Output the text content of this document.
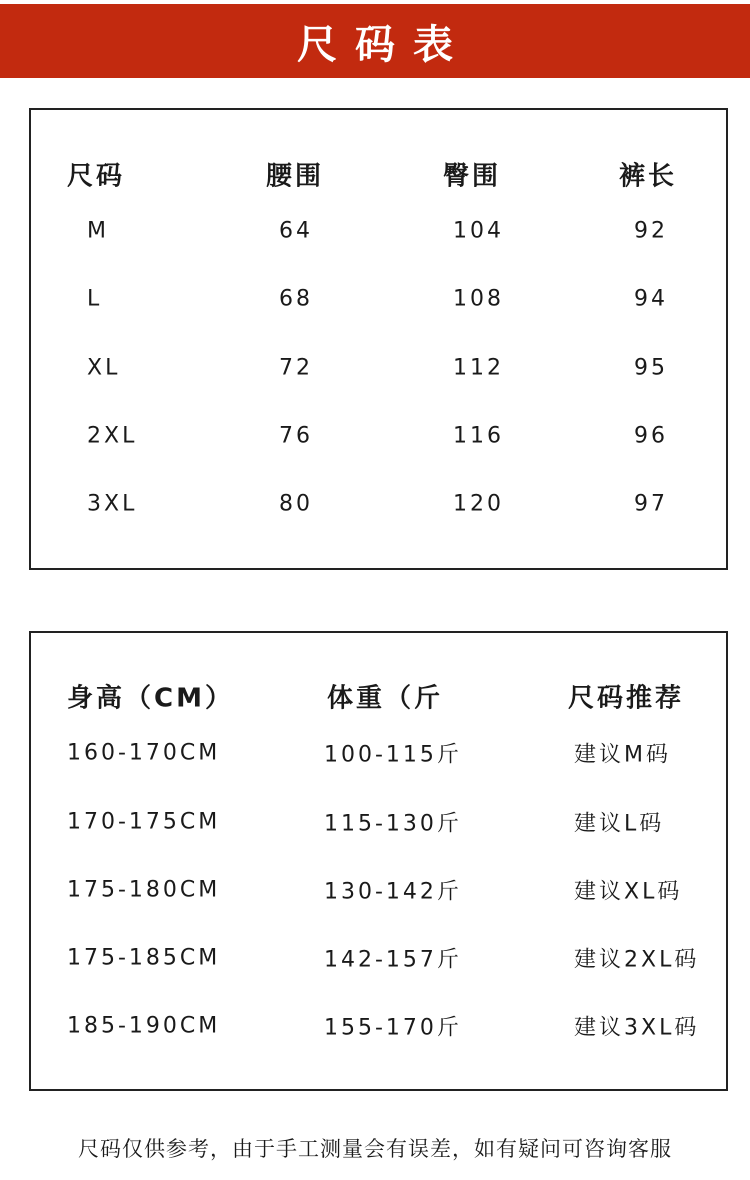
尺码表
尺码	腰围	臀围	裤长
M	64	104	92
L	68	108	94
XL	72	112	95
2XL	76	116	96
3XL	80	120	97
身高（CM）	体重（斤	尺码推荐
160-170CM	100-115斤	建议M码
170-175CM	115-130斤	建议L码
175-180CM	130-142斤	建议XL码
175-185CM	142-157斤	建议2XL码
185-190CM	155-170斤	建议3XL码
尺码仅供参考，由于手工测量会有误差，如有疑问可咨询客服
